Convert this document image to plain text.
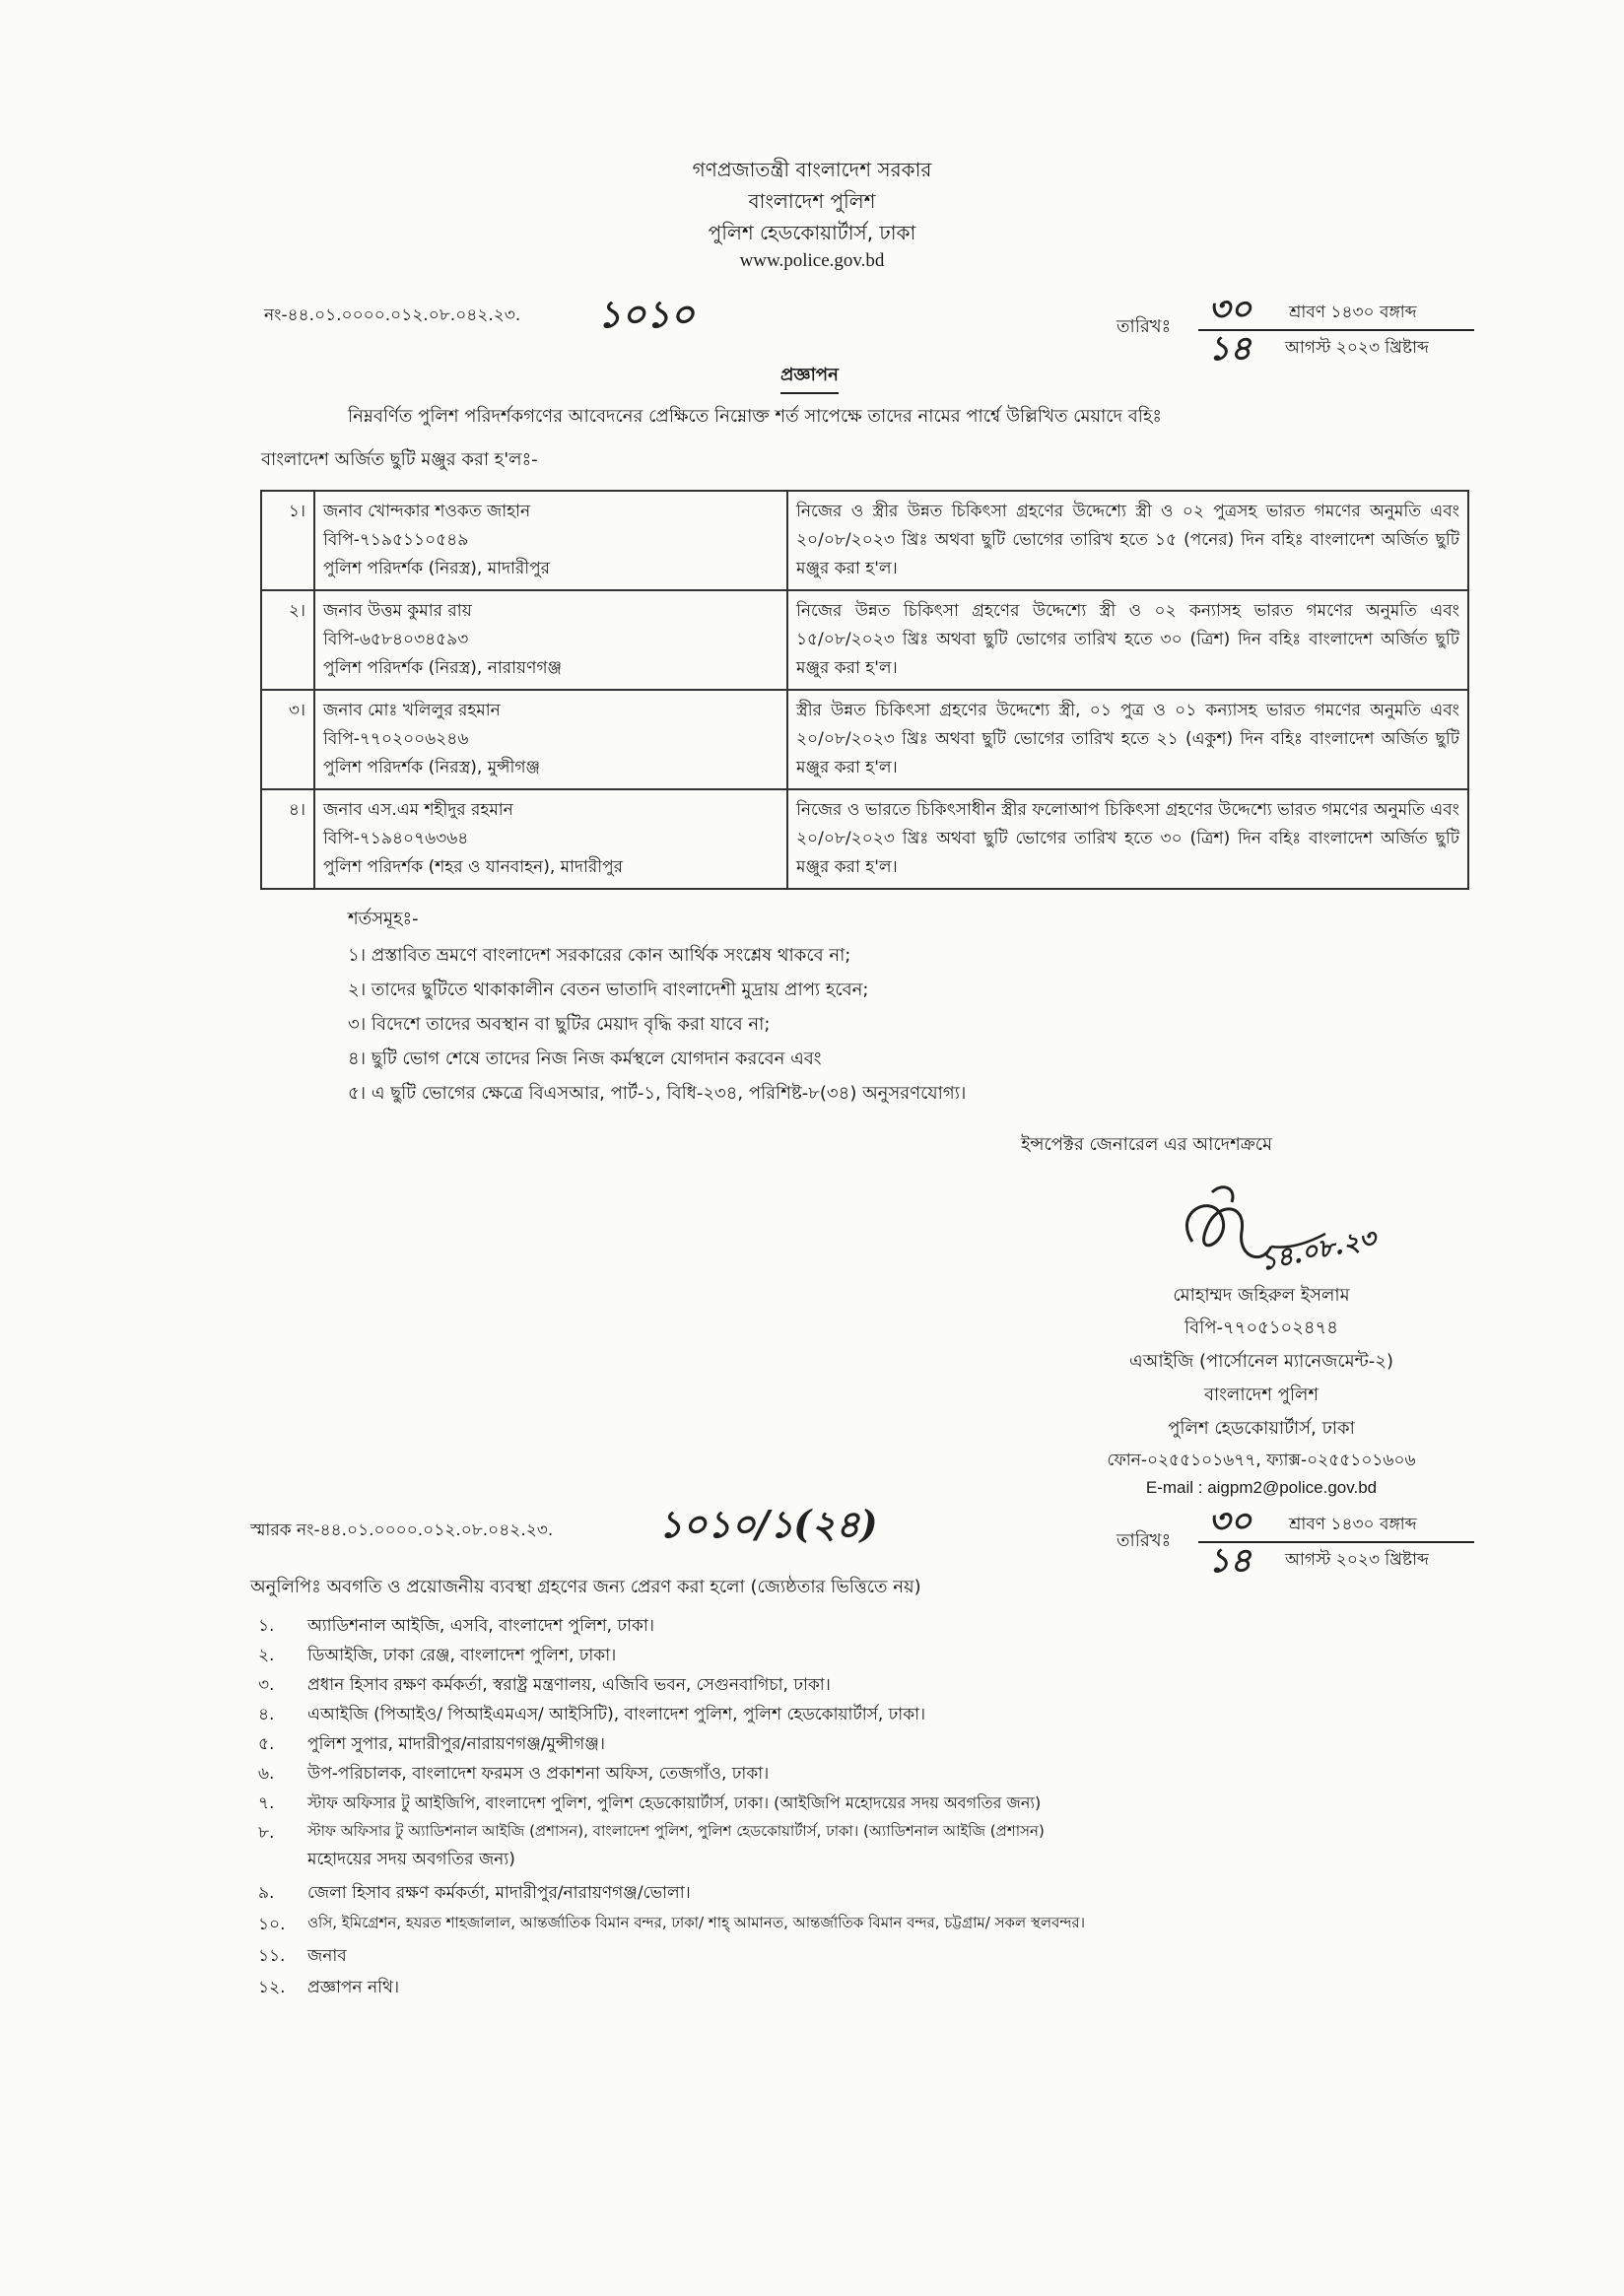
গণপ্রজাতন্ত্রী বাংলাদেশ সরকার
বাংলাদেশ পুলিশ
পুলিশ হেডকোয়ার্টার্স, ঢাকা
www.police.gov.bd
নং-৪৪.০১.০০০০.০১২.০৮.০৪২.২৩. ১০১০	তারিখঃ ৩০ শ্রাবণ ১৪৩০ বঙ্গাব্দ
১৪ আগস্ট ২০২৩ খ্রিষ্টাব্দ
প্রজ্ঞাপন
নিম্নবর্ণিত পুলিশ পরিদর্শকগণের আবেদনের প্রেক্ষিতে নিম্নোক্ত শর্ত সাপেক্ষে তাদের নামের পার্শ্বে উল্লিখিত মেয়াদে বহিঃ
বাংলাদেশ অর্জিত ছুটি মঞ্জুর করা হ'লঃ-
১।	জনাব খোন্দকার শওকত জাহান
বিপি-৭১৯৫১১০৫৪৯
পুলিশ পরিদর্শক (নিরস্ত্র), মাদারীপুর	নিজের ও স্ত্রীর উন্নত চিকিৎসা গ্রহণের উদ্দেশ্যে স্ত্রী ও ০২ পুত্রসহ ভারত গমণের অনুমতি এবং ২০/০৮/২০২৩ খ্রিঃ অথবা ছুটি ভোগের তারিখ হতে ১৫ (পনের) দিন বহিঃ বাংলাদেশ অর্জিত ছুটি মঞ্জুর করা হ'ল।
২।	জনাব উত্তম কুমার রায়
বিপি-৬৫৮৪০৩৪৫৯৩
পুলিশ পরিদর্শক (নিরস্ত্র), নারায়ণগঞ্জ	নিজের উন্নত চিকিৎসা গ্রহণের উদ্দেশ্যে স্ত্রী ও ০২ কন্যাসহ ভারত গমণের অনুমতি এবং ১৫/০৮/২০২৩ খ্রিঃ অথবা ছুটি ভোগের তারিখ হতে ৩০ (ত্রিশ) দিন বহিঃ বাংলাদেশ অর্জিত ছুটি মঞ্জুর করা হ'ল।
৩।	জনাব মোঃ খলিলুর রহমান
বিপি-৭৭০২০০৬২৪৬
পুলিশ পরিদর্শক (নিরস্ত্র), মুন্সীগঞ্জ	স্ত্রীর উন্নত চিকিৎসা গ্রহণের উদ্দেশ্যে স্ত্রী, ০১ পুত্র ও ০১ কন্যাসহ ভারত গমণের অনুমতি এবং ২০/০৮/২০২৩ খ্রিঃ অথবা ছুটি ভোগের তারিখ হতে ২১ (একুশ) দিন বহিঃ বাংলাদেশ অর্জিত ছুটি মঞ্জুর করা হ'ল।
৪।	জনাব এস.এম শহীদুর রহমান
বিপি-৭১৯৪০৭৬৩৬৪
পুলিশ পরিদর্শক (শহর ও যানবাহন), মাদারীপুর	নিজের ও ভারতে চিকিৎসাধীন স্ত্রীর ফলোআপ চিকিৎসা গ্রহণের উদ্দেশ্যে ভারত গমণের অনুমতি এবং ২০/০৮/২০২৩ খ্রিঃ অথবা ছুটি ভোগের তারিখ হতে ৩০ (ত্রিশ) দিন বহিঃ বাংলাদেশ অর্জিত ছুটি মঞ্জুর করা হ'ল।
শর্তসমূহঃ-
১। প্রস্তাবিত ভ্রমণে বাংলাদেশ সরকারের কোন আর্থিক সংশ্লেষ থাকবে না;
২। তাদের ছুটিতে থাকাকালীন বেতন ভাতাদি বাংলাদেশী মুদ্রায় প্রাপ্য হবেন;
৩। বিদেশে তাদের অবস্থান বা ছুটির মেয়াদ বৃদ্ধি করা যাবে না;
৪। ছুটি ভোগ শেষে তাদের নিজ নিজ কর্মস্থলে যোগদান করবেন এবং
৫। এ ছুটি ভোগের ক্ষেত্রে বিএসআর, পার্ট-১, বিধি-২৩৪, পরিশিষ্ট-৮(৩৪) অনুসরণযোগ্য।
ইন্সপেক্টর জেনারেল এর আদেশক্রমে
১৪.০৮.২৩
মোহাম্মদ জহিরুল ইসলাম
বিপি-৭৭০৫১০২৪৭৪
এআইজি (পার্সোনেল ম্যানেজমেন্ট-২)
বাংলাদেশ পুলিশ
পুলিশ হেডকোয়ার্টার্স, ঢাকা
ফোন-০২৫৫১০১৬৭৭, ফ্যাক্স-০২৫৫১০১৬০৬
E-mail : aigpm2@police.gov.bd
স্মারক নং-৪৪.০১.০০০০.০১২.০৮.০৪২.২৩.	১০১০/১(২৪)	তারিখঃ ৩০ শ্রাবণ ১৪৩০ বঙ্গাব্দ
১৪ আগস্ট ২০২৩ খ্রিষ্টাব্দ
অনুলিপিঃ অবগতি ও প্রয়োজনীয় ব্যবস্থা গ্রহণের জন্য প্রেরণ করা হলো (জ্যেষ্ঠতার ভিত্তিতে নয়)
১. অ্যাডিশনাল আইজি, এসবি, বাংলাদেশ পুলিশ, ঢাকা।
২. ডিআইজি, ঢাকা রেঞ্জ, বাংলাদেশ পুলিশ, ঢাকা।
৩. প্রধান হিসাব রক্ষণ কর্মকর্তা, স্বরাষ্ট্র মন্ত্রণালয়, এজিবি ভবন, সেগুনবাগিচা, ঢাকা।
৪. এআইজি (পিআইও/ পিআইএমএস/ আইসিটি), বাংলাদেশ পুলিশ, পুলিশ হেডকোয়ার্টার্স, ঢাকা।
৫. পুলিশ সুপার, মাদারীপুর/নারায়ণগঞ্জ/মুন্সীগঞ্জ।
৬. উপ-পরিচালক, বাংলাদেশ ফরমস ও প্রকাশনা অফিস, তেজগাঁও, ঢাকা।
৭. স্টাফ অফিসার টু আইজিপি, বাংলাদেশ পুলিশ, পুলিশ হেডকোয়ার্টার্স, ঢাকা। (আইজিপি মহোদয়ের সদয় অবগতির জন্য)
৮. স্টাফ অফিসার টু অ্যাডিশনাল আইজি (প্রশাসন), বাংলাদেশ পুলিশ, পুলিশ হেডকোয়ার্টার্স, ঢাকা। (অ্যাডিশনাল আইজি (প্রশাসন)
মহোদয়ের সদয় অবগতির জন্য)
৯. জেলা হিসাব রক্ষণ কর্মকর্তা, মাদারীপুর/নারায়ণগঞ্জ/ভোলা।
১০. ওসি, ইমিগ্রেশন, হযরত শাহজালাল, আন্তর্জাতিক বিমান বন্দর, ঢাকা/ শাহ্ আমানত, আন্তর্জাতিক বিমান বন্দর, চট্টগ্রাম/ সকল স্থলবন্দর।
১১. জনাব
১২. প্রজ্ঞাপন নথি।
